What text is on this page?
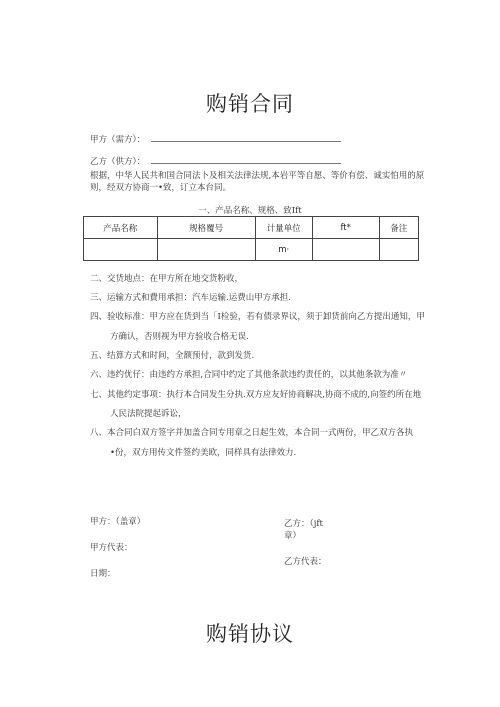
购销合同
甲方（需方）：
乙方（供方）：
根据，中华人民共和国合同法卜及相关法律法规,本岩平等自愿、等价有偿、诚实怕用的原
则，经双方协商一•致，订立本台同。
一、产品名称、规格、致Ift
产品名称	规格覆号	计量单位	ft*	备注
		m·		
二、交货地点：在甲方所在地交货粉收，
三、运输方式和費用承担：汽车运输.运费山甲方承担.
四、验收标准：甲方应在货到当「I检验，若有债录界议，须于卸货前向乙方提出通知，甲
方确认，否则视为甲方验收合格无误.
五、结算方式和时间，全额预付，款到发货.
六、违约优仔：由违约方承担,合同中约定了其他条款违约责任的，以其他条款为准〃
七、其他约定事项：执行本合同发生分执.双方应友好协商解决,协商不成的,向签约所在地
人民法院提起诉讼，
八、本合同白双方签字并加盖合同专用章之日起生效，本合同一式两份，甲乙双方各执
•份，双方用传文件签约美欧，同样具有法律效力.
甲方：（盖章）	乙方：（jft
章）
甲方代表：
乙方代表：
日期：
购销协议
